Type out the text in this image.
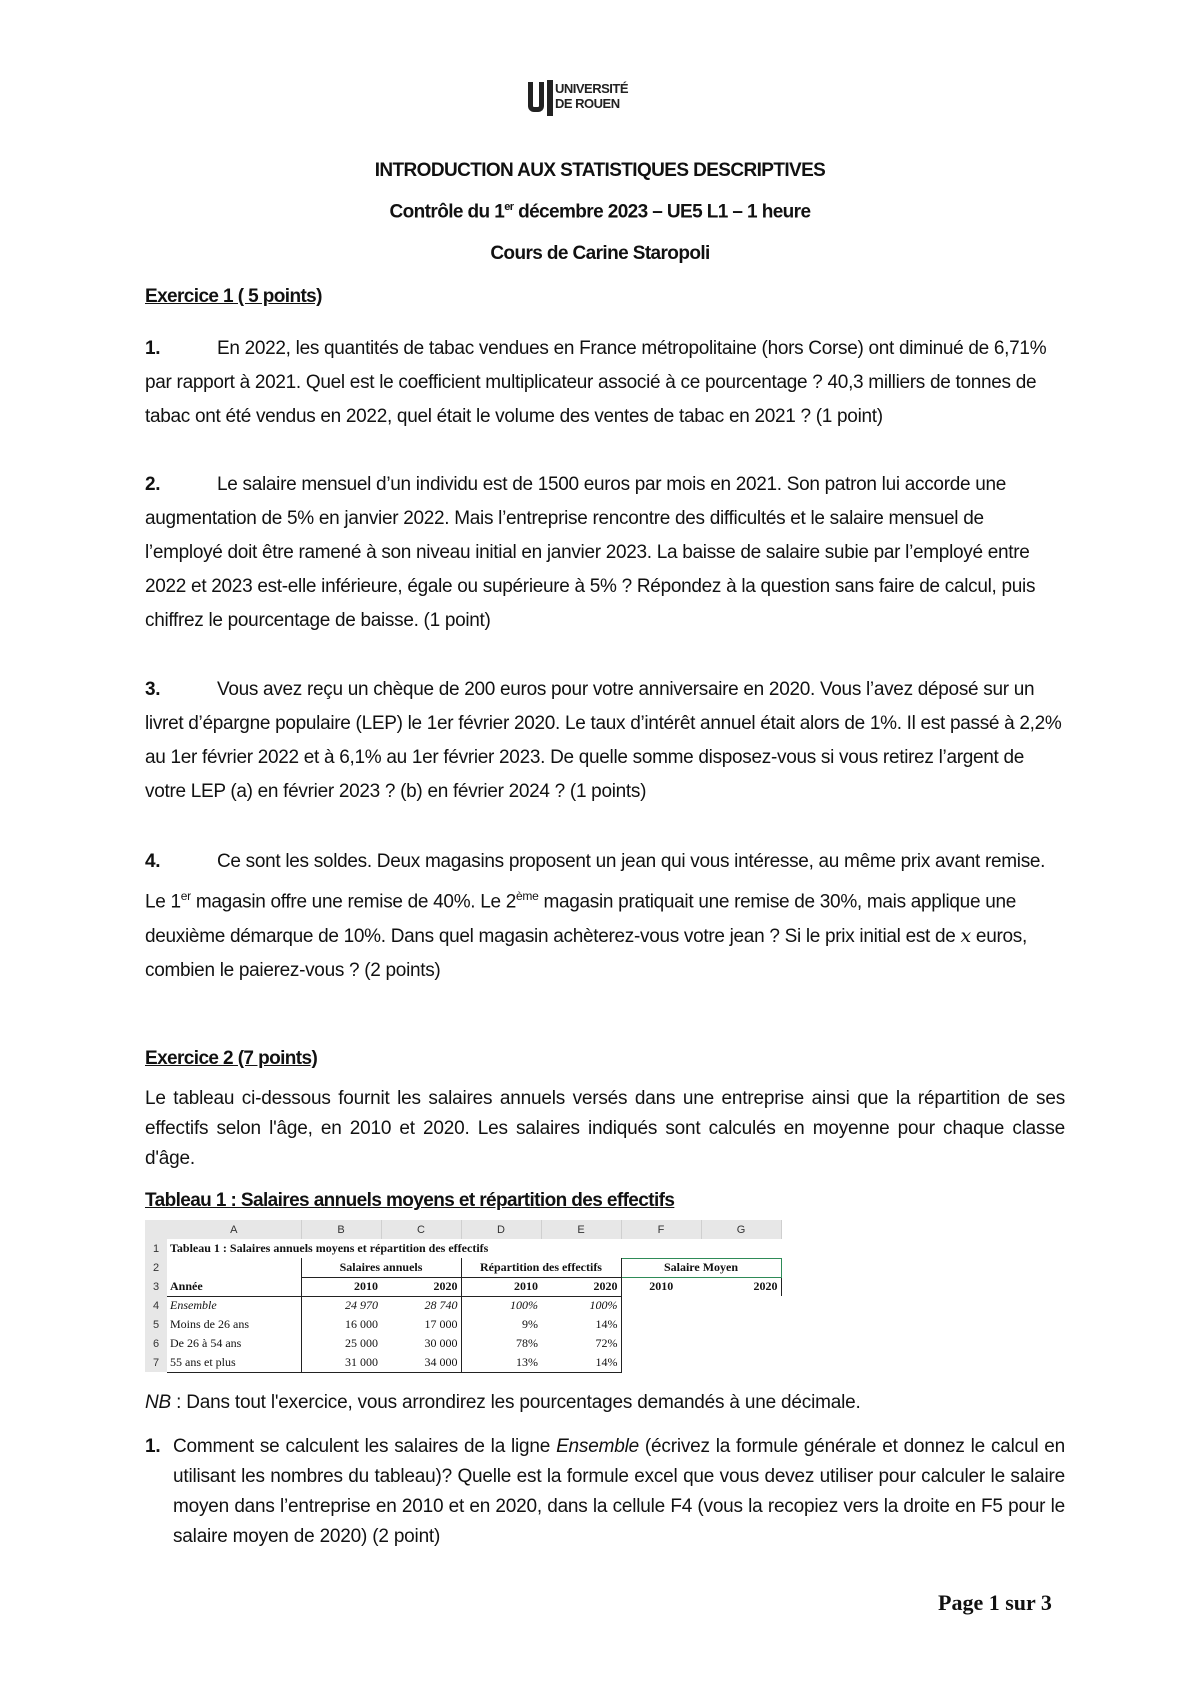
UNIVERSITÉ
DE ROUEN
INTRODUCTION AUX STATISTIQUES DESCRIPTIVES
Contrôle du 1er décembre 2023 – UE5 L1 – 1 heure
Cours de Carine Staropoli
Exercice 1 ( 5 points)
1.	En 2022, les quantités de tabac vendues en France métropolitaine (hors Corse) ont diminué de 6,71% par rapport à 2021. Quel est le coefficient multiplicateur associé à ce pourcentage ? 40,3 milliers de tonnes de tabac ont été vendus en 2022, quel était le volume des ventes de tabac en 2021 ? (1 point)
2.	Le salaire mensuel d’un individu est de 1500 euros par mois en 2021. Son patron lui accorde une augmentation de 5% en janvier 2022. Mais l’entreprise rencontre des difficultés et le salaire mensuel de l’employé doit être ramené à son niveau initial en janvier 2023. La baisse de salaire subie par l’employé entre 2022 et 2023 est-elle inférieure, égale ou supérieure à 5% ? Répondez à la question sans faire de calcul, puis chiffrez le pourcentage de baisse. (1 point)
3.	Vous avez reçu un chèque de 200 euros pour votre anniversaire en 2020. Vous l’avez déposé sur un livret d’épargne populaire (LEP) le 1er février 2020. Le taux d’intérêt annuel était alors de 1%. Il est passé à 2,2% au 1er février 2022 et à 6,1% au 1er février 2023. De quelle somme disposez-vous si vous retirez l’argent de votre LEP (a) en février 2023 ? (b) en février 2024 ? (1 points)
4.	Ce sont les soldes. Deux magasins proposent un jean qui vous intéresse, au même prix avant remise. Le 1er magasin offre une remise de 40%. Le 2ème magasin pratiquait une remise de 30%, mais applique une deuxième démarque de 10%. Dans quel magasin achèterez-vous votre jean ? Si le prix initial est de x euros, combien le paierez-vous ? (2 points)
Exercice 2 (7 points)
Le tableau ci-dessous fournit les salaires annuels versés dans une entreprise ainsi que la répartition de ses effectifs selon l'âge, en 2010 et 2020. Les salaires indiqués sont calculés en moyenne pour chaque classe d'âge.
Tableau 1 : Salaires annuels moyens et répartition des effectifs
	A	B	C	D	E	F	G
1	Tableau 1 : Salaires annuels moyens et répartition des effectifs						
2		Salaires annuels		Répartition des effectifs		Salaire Moyen	
3	Année	2010	2020	2010	2020	2010	2020
4	Ensemble	24 970	28 740	100%	100%		
5	Moins de 26 ans	16 000	17 000	9%	14%		
6	De 26 à 54 ans	25 000	30 000	78%	72%		
7	55 ans et plus	31 000	34 000	13%	14%		
NB : Dans tout l'exercice, vous arrondirez les pourcentages demandés à une décimale.
1. Comment se calculent les salaires de la ligne Ensemble (écrivez la formule générale et donnez le calcul en utilisant les nombres du tableau)? Quelle est la formule excel que vous devez utiliser pour calculer le salaire moyen dans l’entreprise en 2010 et en 2020, dans la cellule F4 (vous la recopiez vers la droite en F5 pour le salaire moyen de 2020) (2 point)
Page 1 sur 3
